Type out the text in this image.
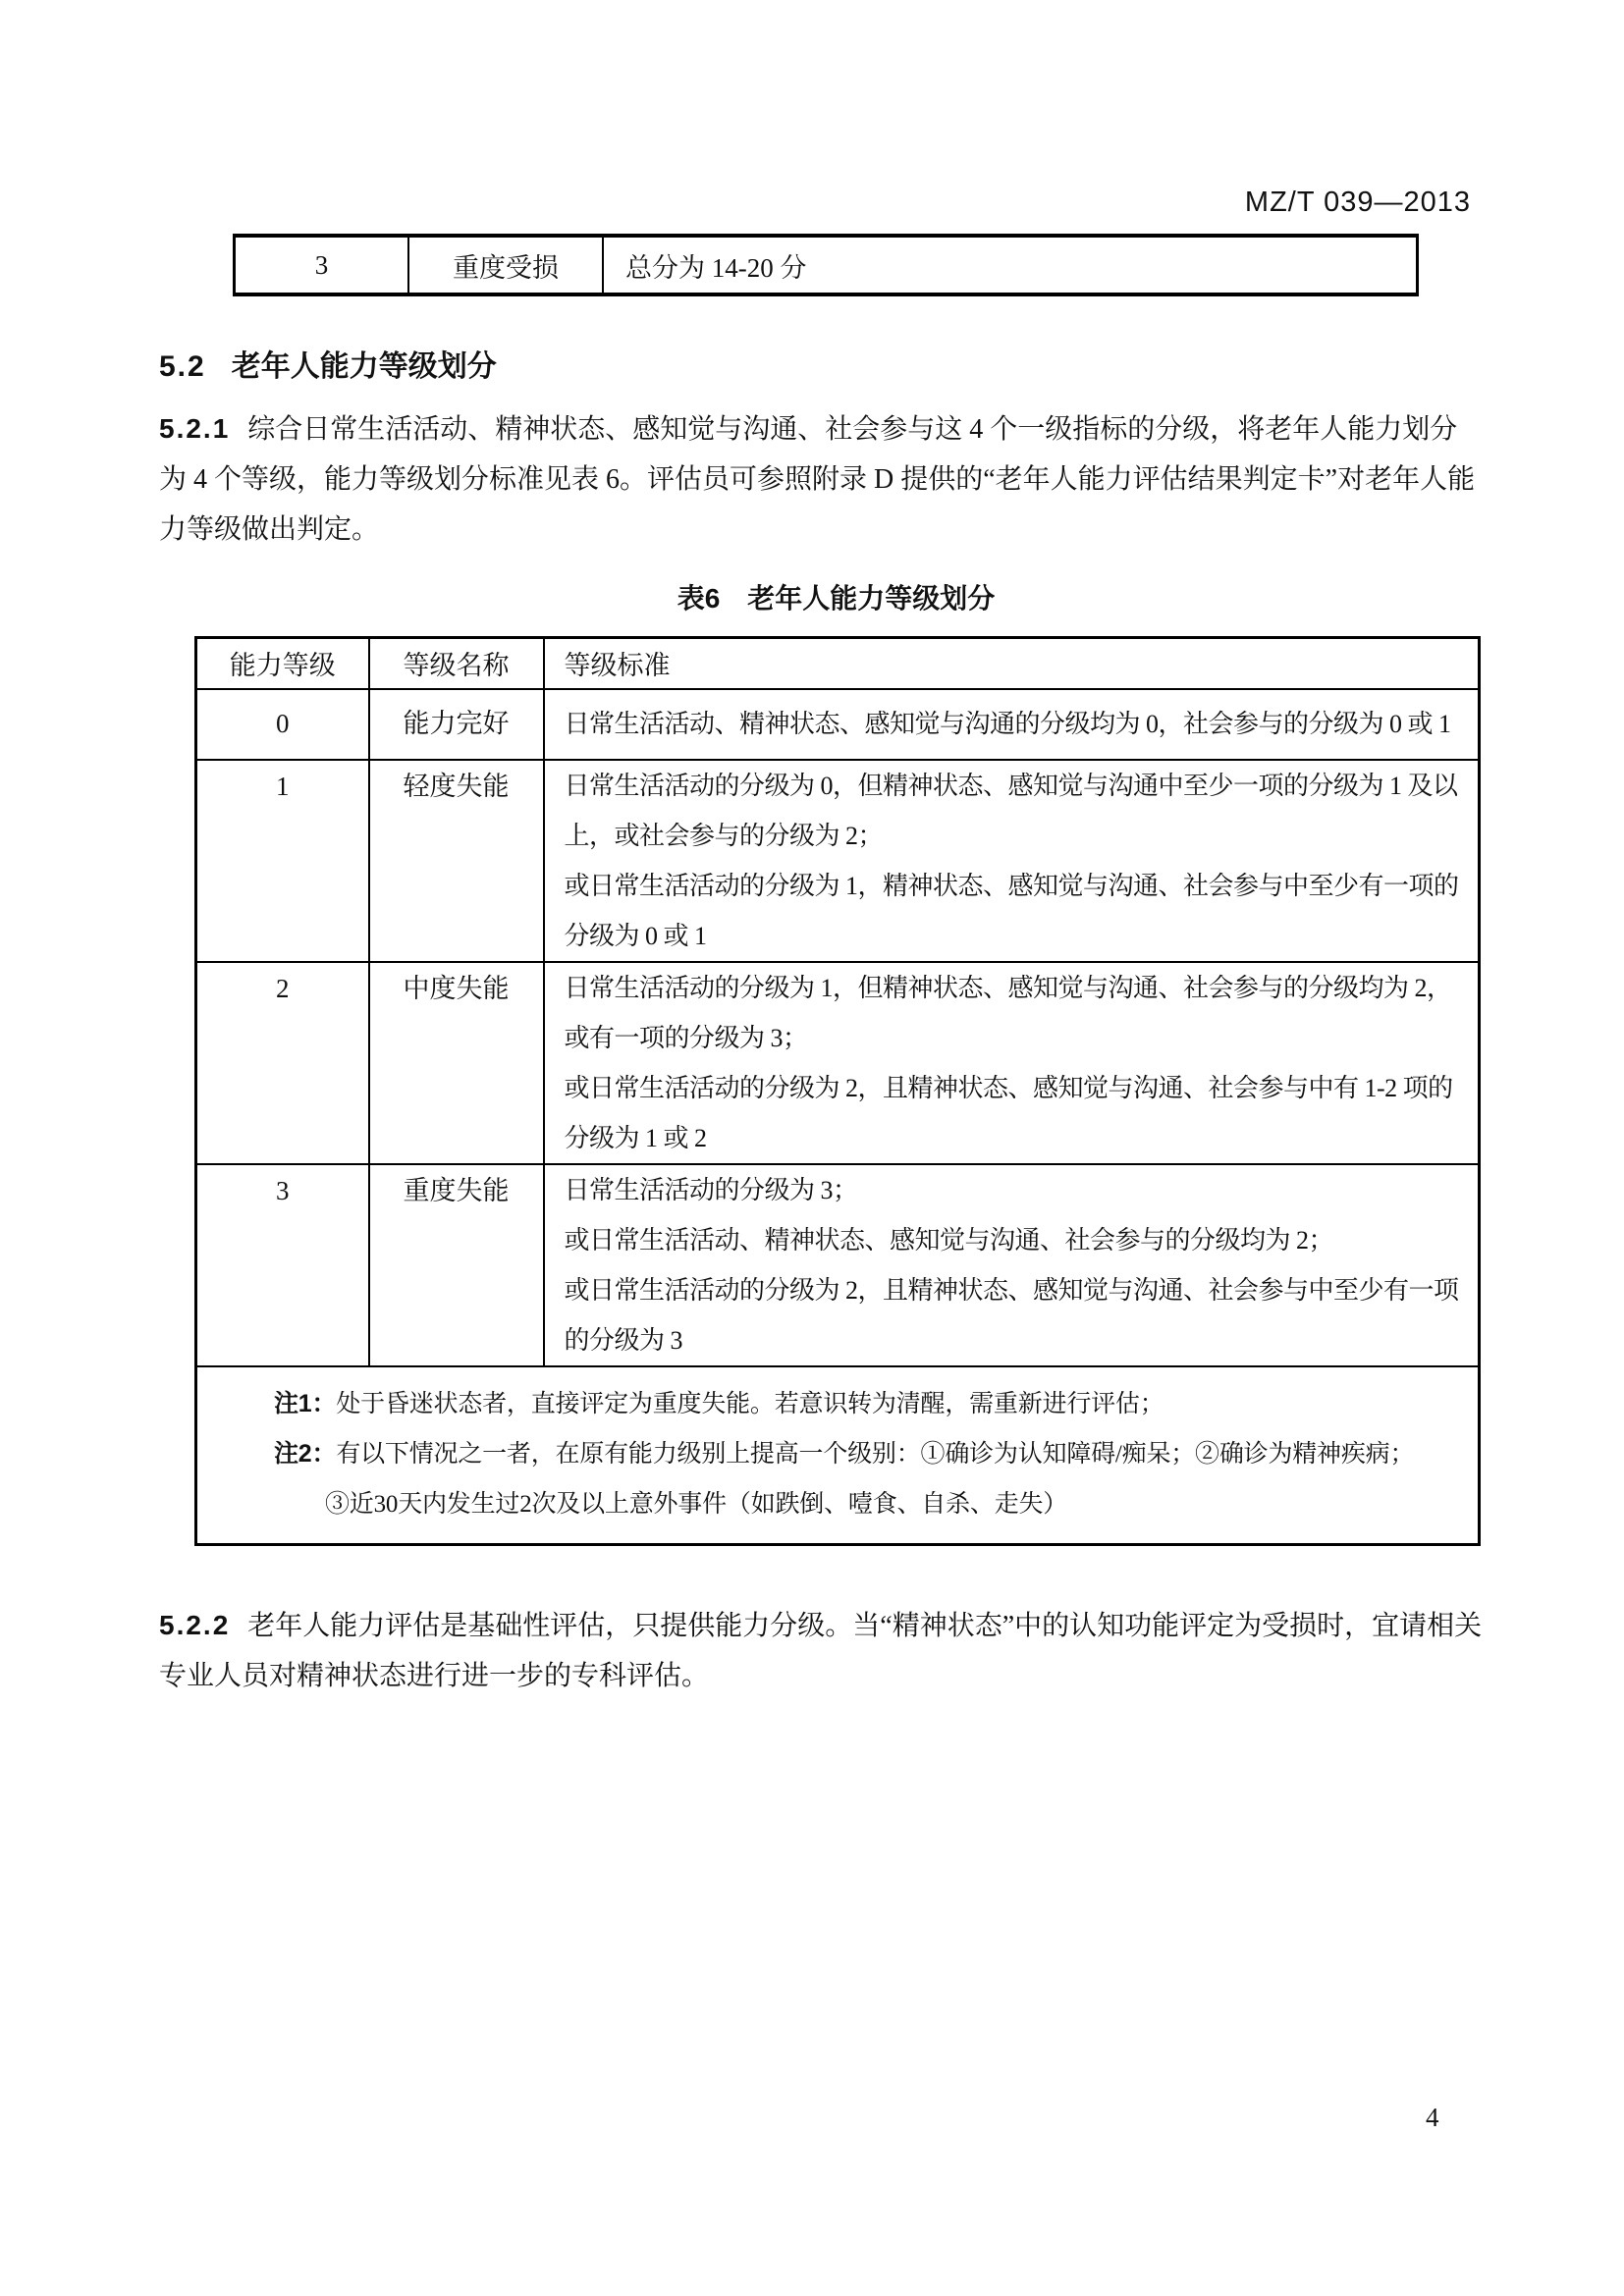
MZ/T 039—2013
3	重度受损	总分为 14-20 分
5.2 老年人能力等级划分
5.2.1 综合日常生活活动、精神状态、感知觉与沟通、社会参与这 4 个一级指标的分级，将老年人能力划分为 4 个等级，能力等级划分标准见表 6。评估员可参照附录 D 提供的“老年人能力评估结果判定卡”对老年人能力等级做出判定。
表6 老年人能力等级划分
能力等级	等级名称	等级标准
0	能力完好	日常生活活动、精神状态、感知觉与沟通的分级均为 0，社会参与的分级为 0 或 1

1	轻度失能	日常生活活动的分级为 0，但精神状态、感知觉与沟通中至少一项的分级为 1 及以上，或社会参与的分级为 2；

或日常生活活动的分级为 1，精神状态、感知觉与沟通、社会参与中至少有一项的分级为 0 或 1

2	中度失能	日常生活活动的分级为 1，但精神状态、感知觉与沟通、社会参与的分级均为 2，或有一项的分级为 3；

或日常生活活动的分级为 2，且精神状态、感知觉与沟通、社会参与中有 1-2 项的分级为 1 或 2

3	重度失能	日常生活活动的分级为 3；

或日常生活活动、精神状态、感知觉与沟通、社会参与的分级均为 2；

或日常生活活动的分级为 2，且精神状态、感知觉与沟通、社会参与中至少有一项的分级为 3

注1：处于昏迷状态者，直接评定为重度失能。若意识转为清醒，需重新进行评估；
注2：有以下情况之一者，在原有能力级别上提高一个级别：①确诊为认知障碍/痴呆；②确诊为精神疾病；
③近30天内发生过2次及以上意外事件（如跌倒、噎食、自杀、走失）		
5.2.2 老年人能力评估是基础性评估，只提供能力分级。当“精神状态”中的认知功能评定为受损时，宜请相关专业人员对精神状态进行进一步的专科评估。
4
